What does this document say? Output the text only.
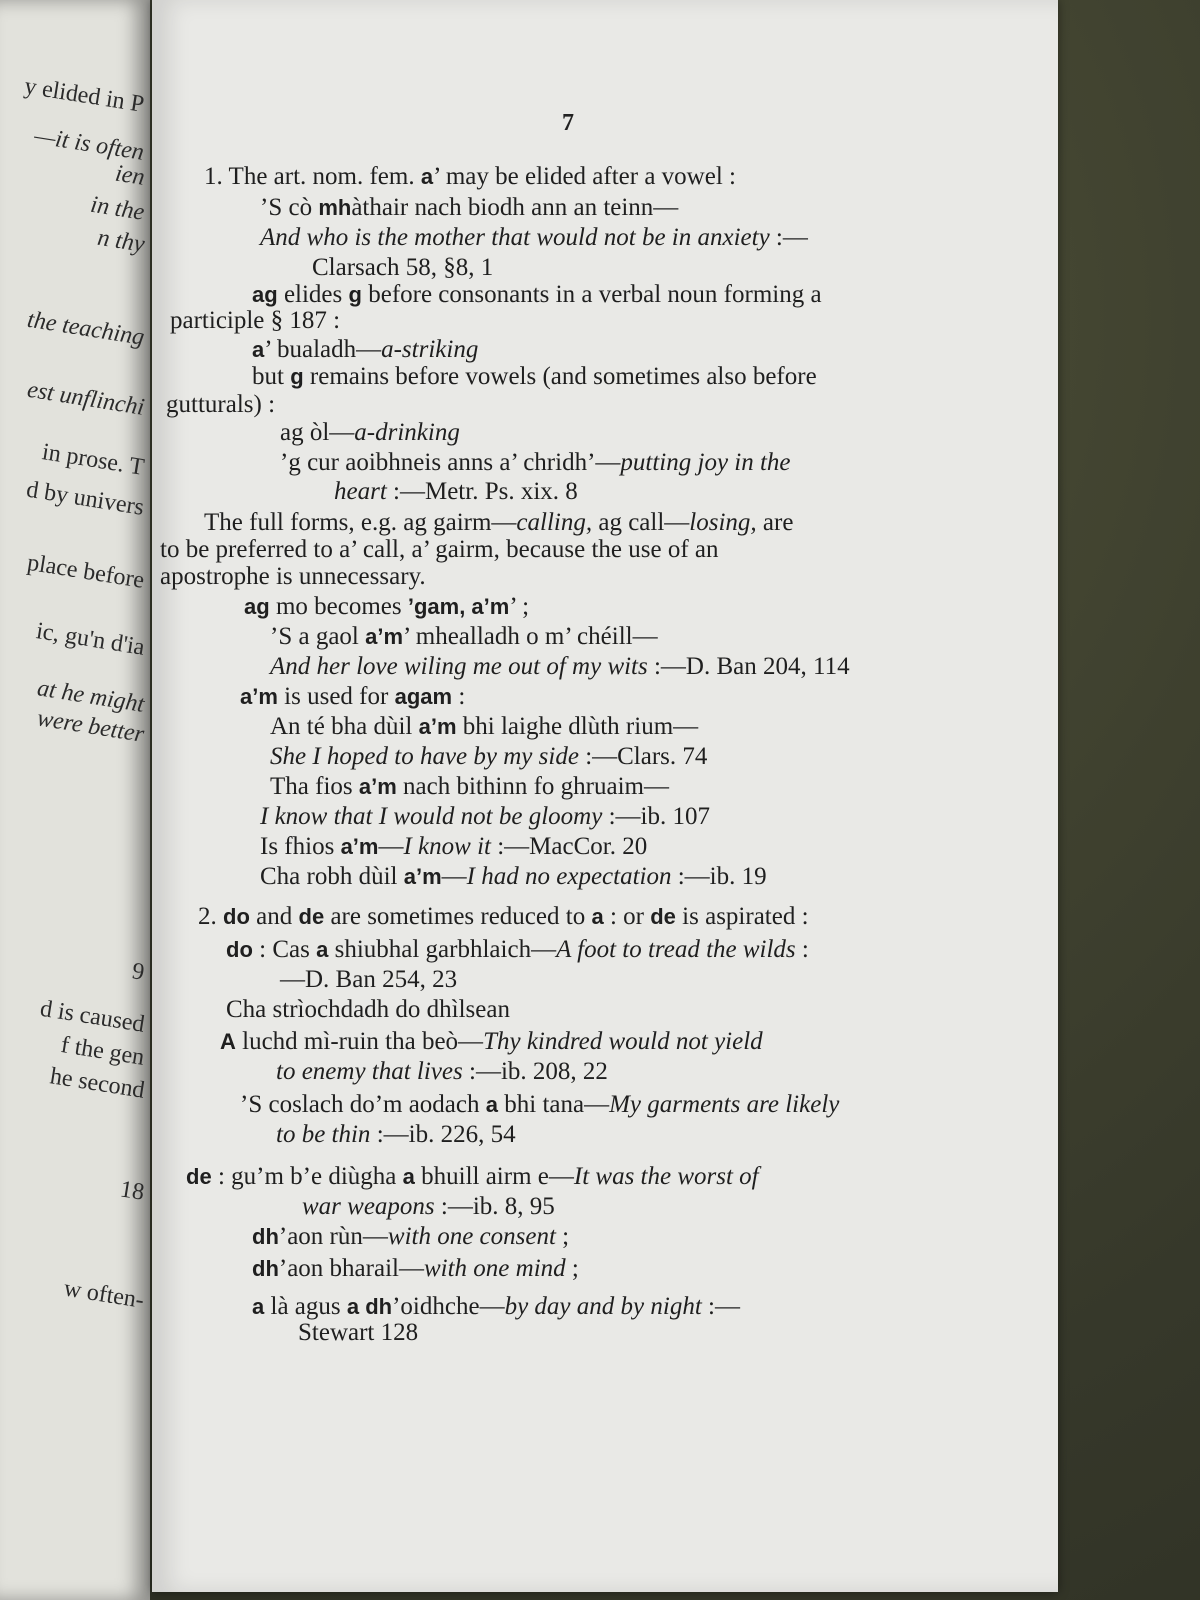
y elided in P
—it is often
ien
in the
n thy
the teaching
est unflinchi
in prose. T
d by univers
place before
ic, gu'n d'ia
at he might
were better
9
d is caused
f the gen
he second
18
w often-
7
1. The art. nom. fem. a’ may be elided after a vowel :
’S cò mhàthair nach biodh ann an teinn—
And who is the mother that would not be in anxiety :—
Clarsach 58, §8, 1
ag elides g before consonants in a verbal noun forming a
participle § 187 :
a’ bualadh—a-striking
but g remains before vowels (and sometimes also before
gutturals) :
ag òl—a-drinking
’g cur aoibhneis anns a’ chridh’—putting joy in the
heart :—Metr. Ps. xix. 8
The full forms, e.g. ag gairm—calling, ag call—losing, are
to be preferred to a’ call, a’ gairm, because the use of an
apostrophe is unnecessary.
ag mo becomes ’gam, a’m’ ;
’S a gaol a’m’ mhealladh o m’ chéill—
And her love wiling me out of my wits :—D. Ban 204, 114
a’m is used for agam :
An té bha dùil a’m bhi laighe dlùth rium—
She I hoped to have by my side :—Clars. 74
Tha fios a’m nach bithinn fo ghruaim—
I know that I would not be gloomy :—ib. 107
Is fhios a’m—I know it :—MacCor. 20
Cha robh dùil a’m—I had no expectation :—ib. 19
2. do and de are sometimes reduced to a : or de is aspirated :
do : Cas a shiubhal garbhlaich—A foot to tread the wilds :
—D. Ban 254, 23
Cha strìochdadh do dhìlsean
A luchd mì-ruin tha beò—Thy kindred would not yield
to enemy that lives :—ib. 208, 22
’S coslach do’m aodach a bhi tana—My garments are likely
to be thin :—ib. 226, 54
de : gu’m b’e diùgha a bhuill airm e—It was the worst of
war weapons :—ib. 8, 95
dh’aon rùn—with one consent ;
dh’aon bharail—with one mind ;
a là agus a dh’oidhche—by day and by night :—
Stewart 128
